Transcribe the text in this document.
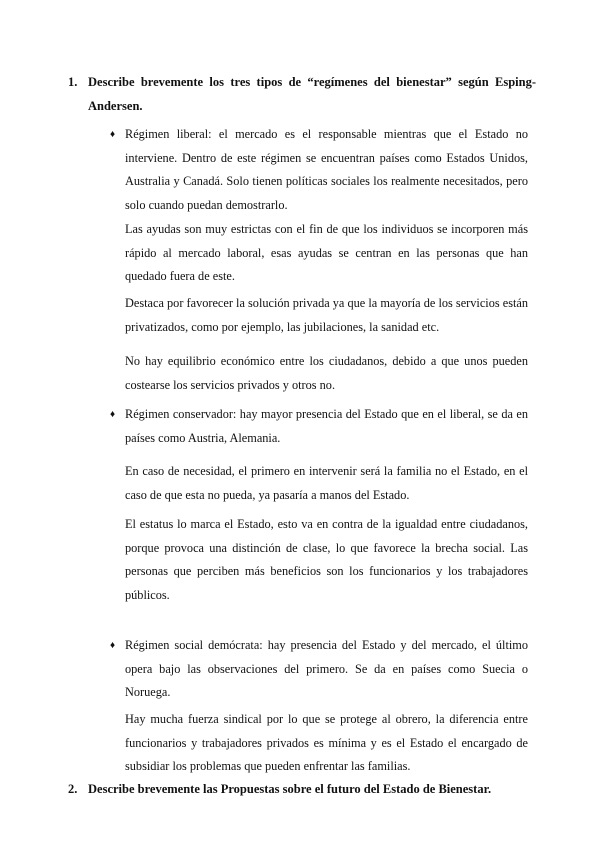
1. Describe brevemente los tres tipos de “regímenes del bienestar” según Esping-Andersen.
♦ Régimen liberal: el mercado es el responsable mientras que el Estado no interviene. Dentro de este régimen se encuentran países como Estados Unidos, Australia y Canadá. Solo tienen políticas sociales los realmente necesitados, pero solo cuando puedan demostrarlo.

Las ayudas son muy estrictas con el fin de que los individuos se incorporen más rápido al mercado laboral, esas ayudas se centran en las personas que han quedado fuera de este.

Destaca por favorecer la solución privada ya que la mayoría de los servicios están privatizados, como por ejemplo, las jubilaciones, la sanidad etc.

No hay equilibrio económico entre los ciudadanos, debido a que unos pueden costearse los servicios privados y otros no.

♦ Régimen conservador: hay mayor presencia del Estado que en el liberal, se da en países como Austria, Alemania.

En caso de necesidad, el primero en intervenir será la familia no el Estado, en el caso de que esta no pueda, ya pasaría a manos del Estado.

El estatus lo marca el Estado, esto va en contra de la igualdad entre ciudadanos, porque provoca una distinción de clase, lo que favorece la brecha social. Las personas que perciben más beneficios son los funcionarios y los trabajadores públicos.

♦ Régimen social demócrata: hay presencia del Estado y del mercado, el último opera bajo las observaciones del primero. Se da en países como Suecia o Noruega.

Hay mucha fuerza sindical por lo que se protege al obrero, la diferencia entre funcionarios y trabajadores privados es mínima y es el Estado el encargado de subsidiar los problemas que pueden enfrentar las familias.

2. Describe brevemente las Propuestas sobre el futuro del Estado de Bienestar.
